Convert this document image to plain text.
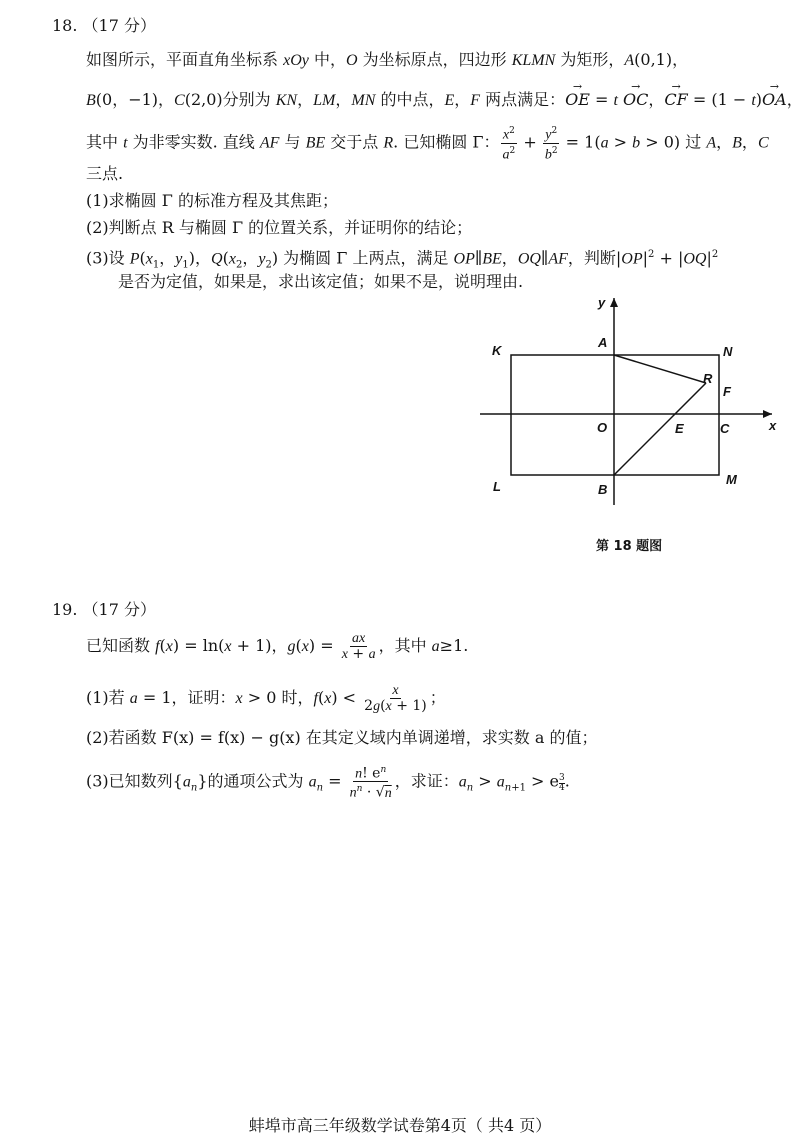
18. （17 分）
如图所示，平面直角坐标系 xOy 中，O 为坐标原点，四边形 KLMN 为矩形，A(0,1)，
B(0，−1)，C(2,0)分别为 KN，LM，MN 的中点，E，F 两点满足：→ OE = t → OC，→ CF = (1 − t)→ OA，
其中 t 为非零实数. 直线 AF 与 BE 交于点 R. 已知椭圆 Γ： $\frac{x^2}{a^2} + \frac{y^2}{b^2} = 1(a > b > 0)$ 过 A，B，C
三点.
(1)求椭圆 Γ 的标准方程及其焦距；
(2)判断点 R 与椭圆 Γ 的位置关系，并证明你的结论；
(3)设 $P(x_1$，$y_1$)，$Q(x_2$，$y_2$) 为椭圆 Γ 上两点，满足 OP∥BE，OQ∥AF，判断$|OP|^2 + |OQ|^2$
是否为定值，如果是，求出该定值；如果不是，说明理由.
K	N
A
R
F
O	E	C	x
y
L	B
M
第 18 题图
19. （17 分）
已知函数 f(x) = ln(x + 1)，$g(x) = \frac{ax}{x + a}$ ，其中 a≥1.
(1)若 a = 1，证明：x > 0 时，$f(x) < \frac{x}{2g(x + 1)}$ ；
(2)若函数 F(x) = f(x) − g(x) 在其定义域内单调递增，求实数 a 的值；
(3)已知数列$\{a_n\}$的通项公式为 $a_n = \frac{n! e^n}{n^n \cdot √n}$ ，求证：$a_n > a_{n+1} > e$ $^{\frac{3}{4}}$ .
蚌埠市高三年级数学试卷第4页（ 共4 页）
